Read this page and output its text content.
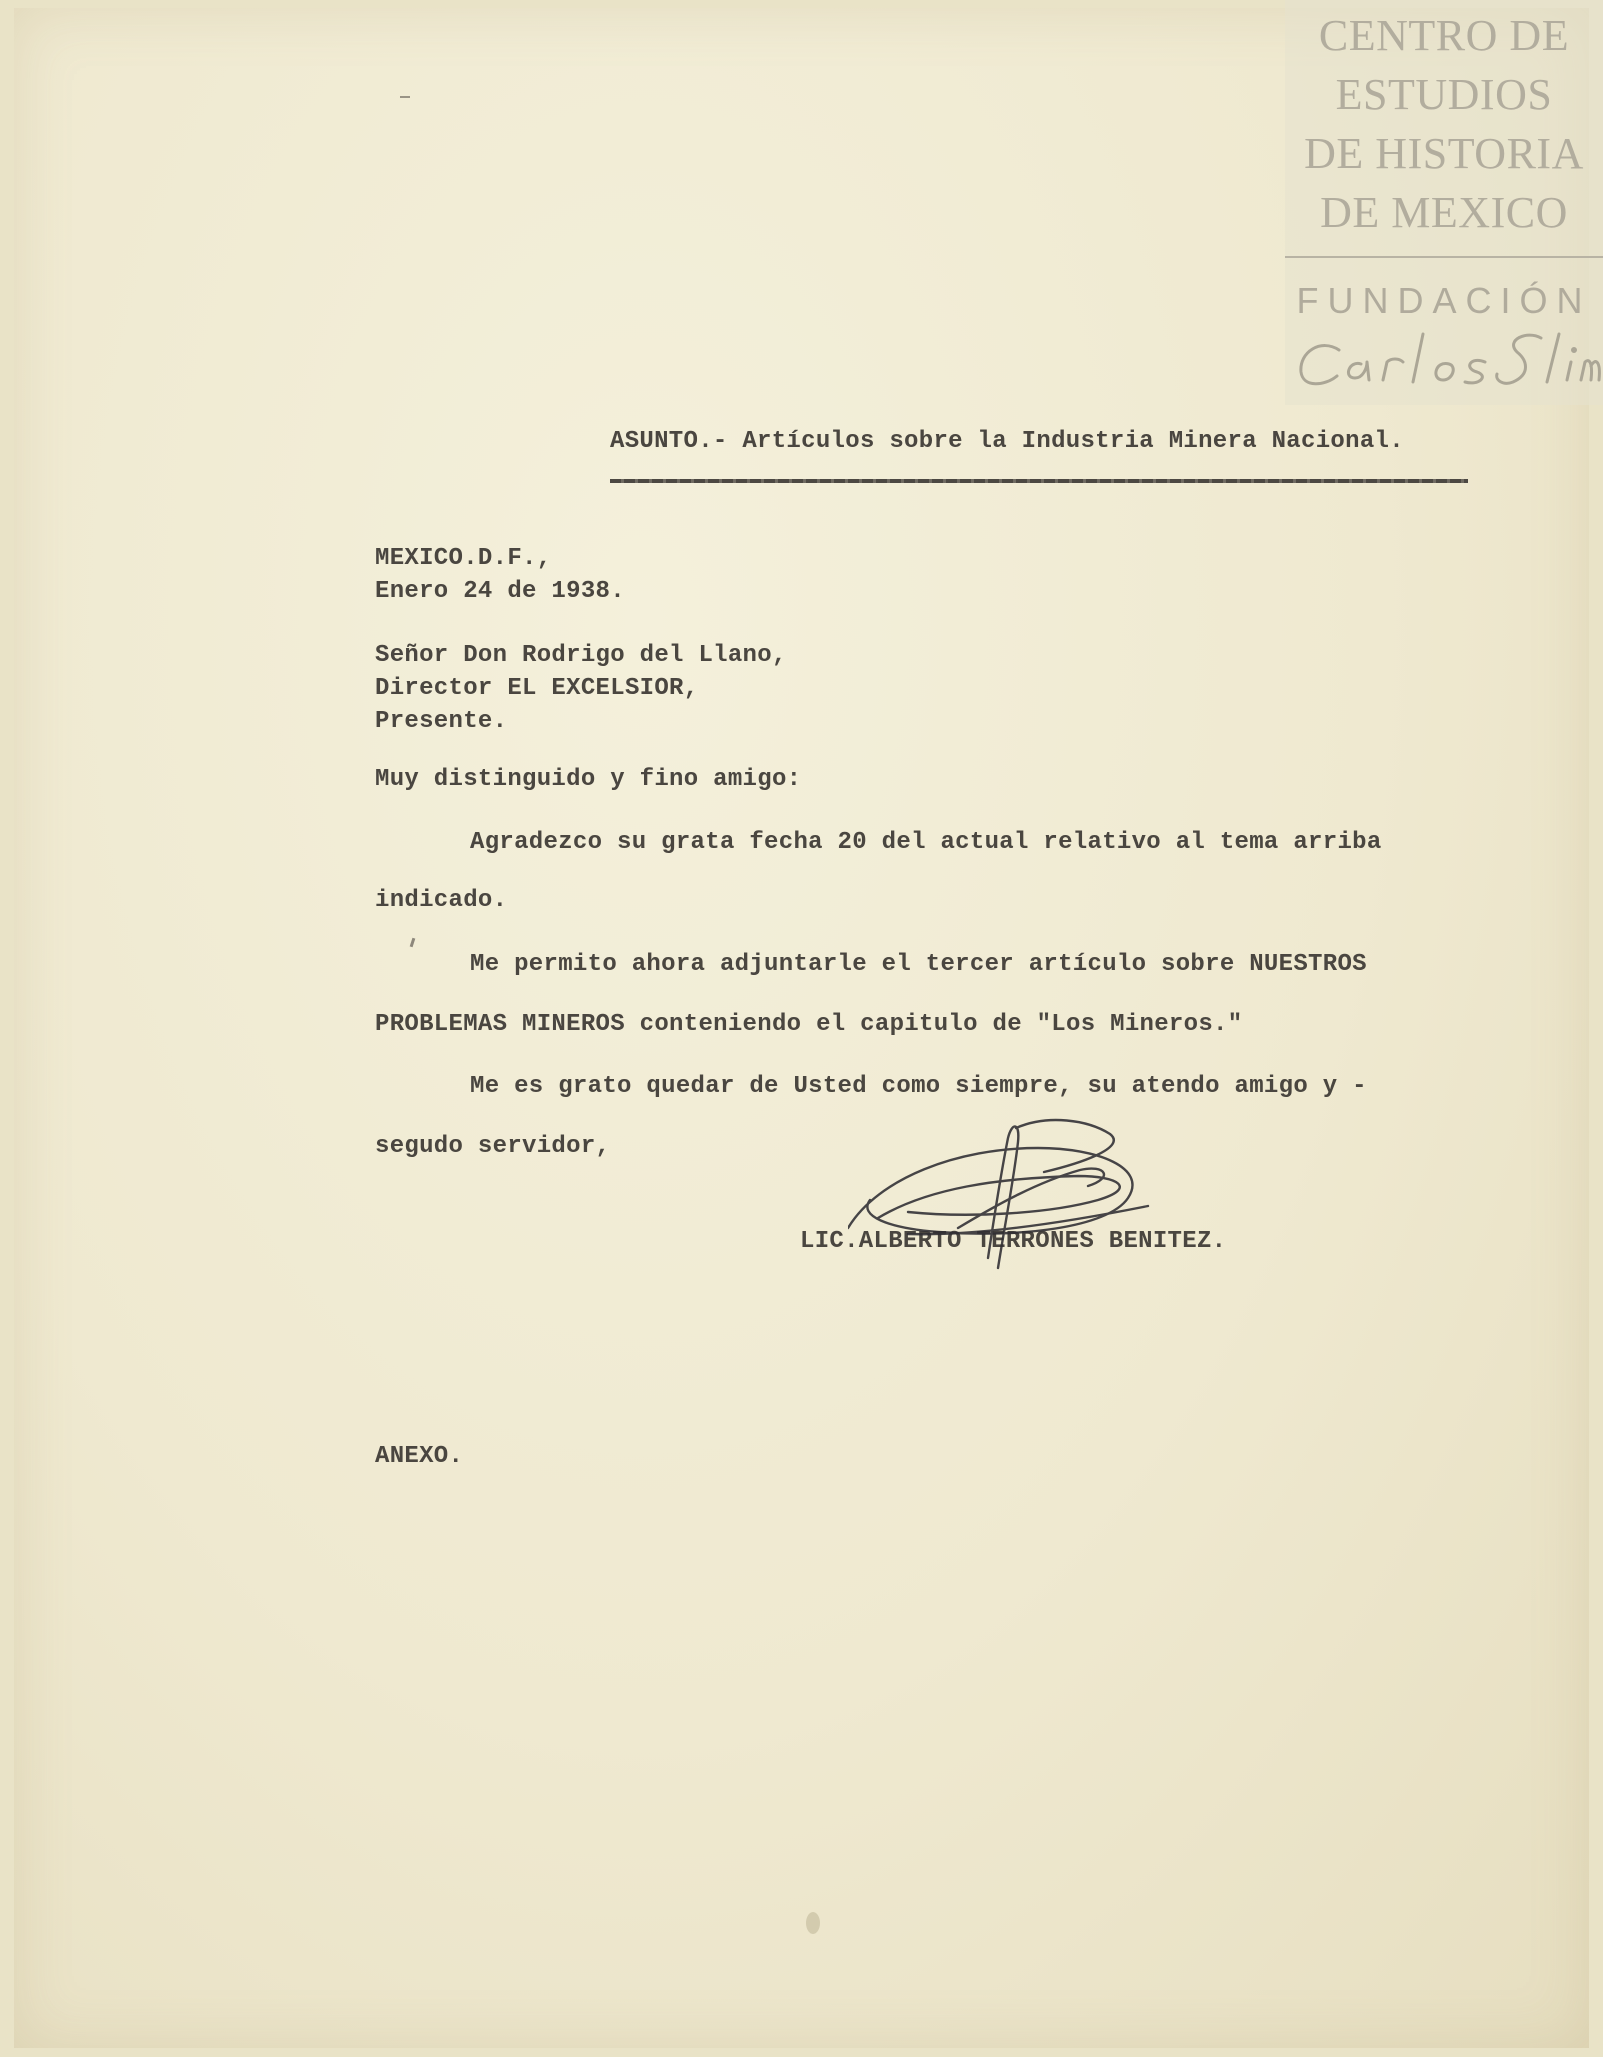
CENTRO DE
ESTUDIOS
DE HISTORIA
DE MEXICO
FUNDACIÓN
ASUNTO.- Artículos sobre la Industria Minera Nacional.
MEXICO.D.F.,
Enero 24 de 1938.
Señor Don Rodrigo del Llano,
Director EL EXCELSIOR,
Presente.
Muy distinguido y fino amigo:
Agradezco su grata fecha 20 del actual relativo al tema arriba
indicado.
Me permito ahora adjuntarle el tercer artículo sobre NUESTROS
PROBLEMAS MINEROS conteniendo el capitulo de "Los Mineros."
Me es grato quedar de Usted como siempre, su atendo amigo y -
segudo servidor,
LIC.ALBERTO TERRONES BENITEZ.
ANEXO.
